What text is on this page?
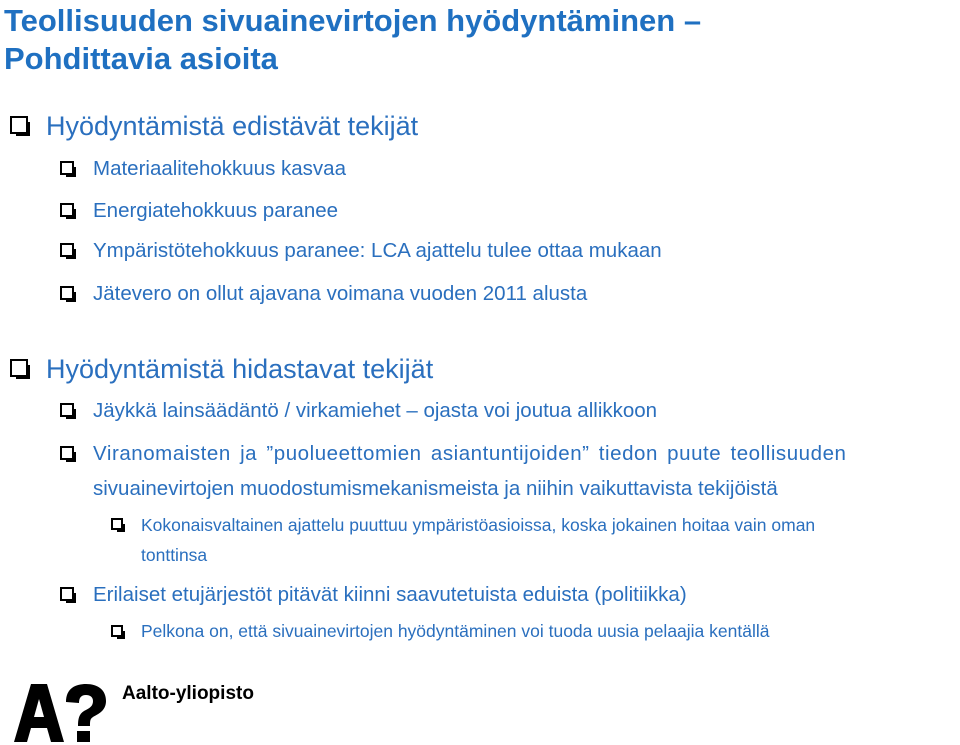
Teollisuuden sivuainevirtojen hyödyntäminen –
Pohdittavia asioita
Hyödyntämistä edistävät tekijät
Materiaalitehokkuus kasvaa
Energiatehokkuus paranee
Ympäristötehokkuus paranee: LCA ajattelu tulee ottaa mukaan
Jätevero on ollut ajavana voimana vuoden 2011 alusta
Hyödyntämistä hidastavat tekijät
Jäykkä lainsäädäntö / virkamiehet – ojasta voi joutua allikkoon
Viranomaisten ja ”puolueettomien asiantuntijoiden” tiedon puute teollisuuden
sivuainevirtojen muodostumismekanismeista ja niihin vaikuttavista tekijöistä
Kokonaisvaltainen ajattelu puuttuu ympäristöasioissa, koska jokainen hoitaa vain oman
tonttinsa
Erilaiset etujärjestöt pitävät kiinni saavutetuista eduista (politiikka)
Pelkona on, että sivuainevirtojen hyödyntäminen voi tuoda uusia pelaajia kentällä
Aalto-yliopisto
